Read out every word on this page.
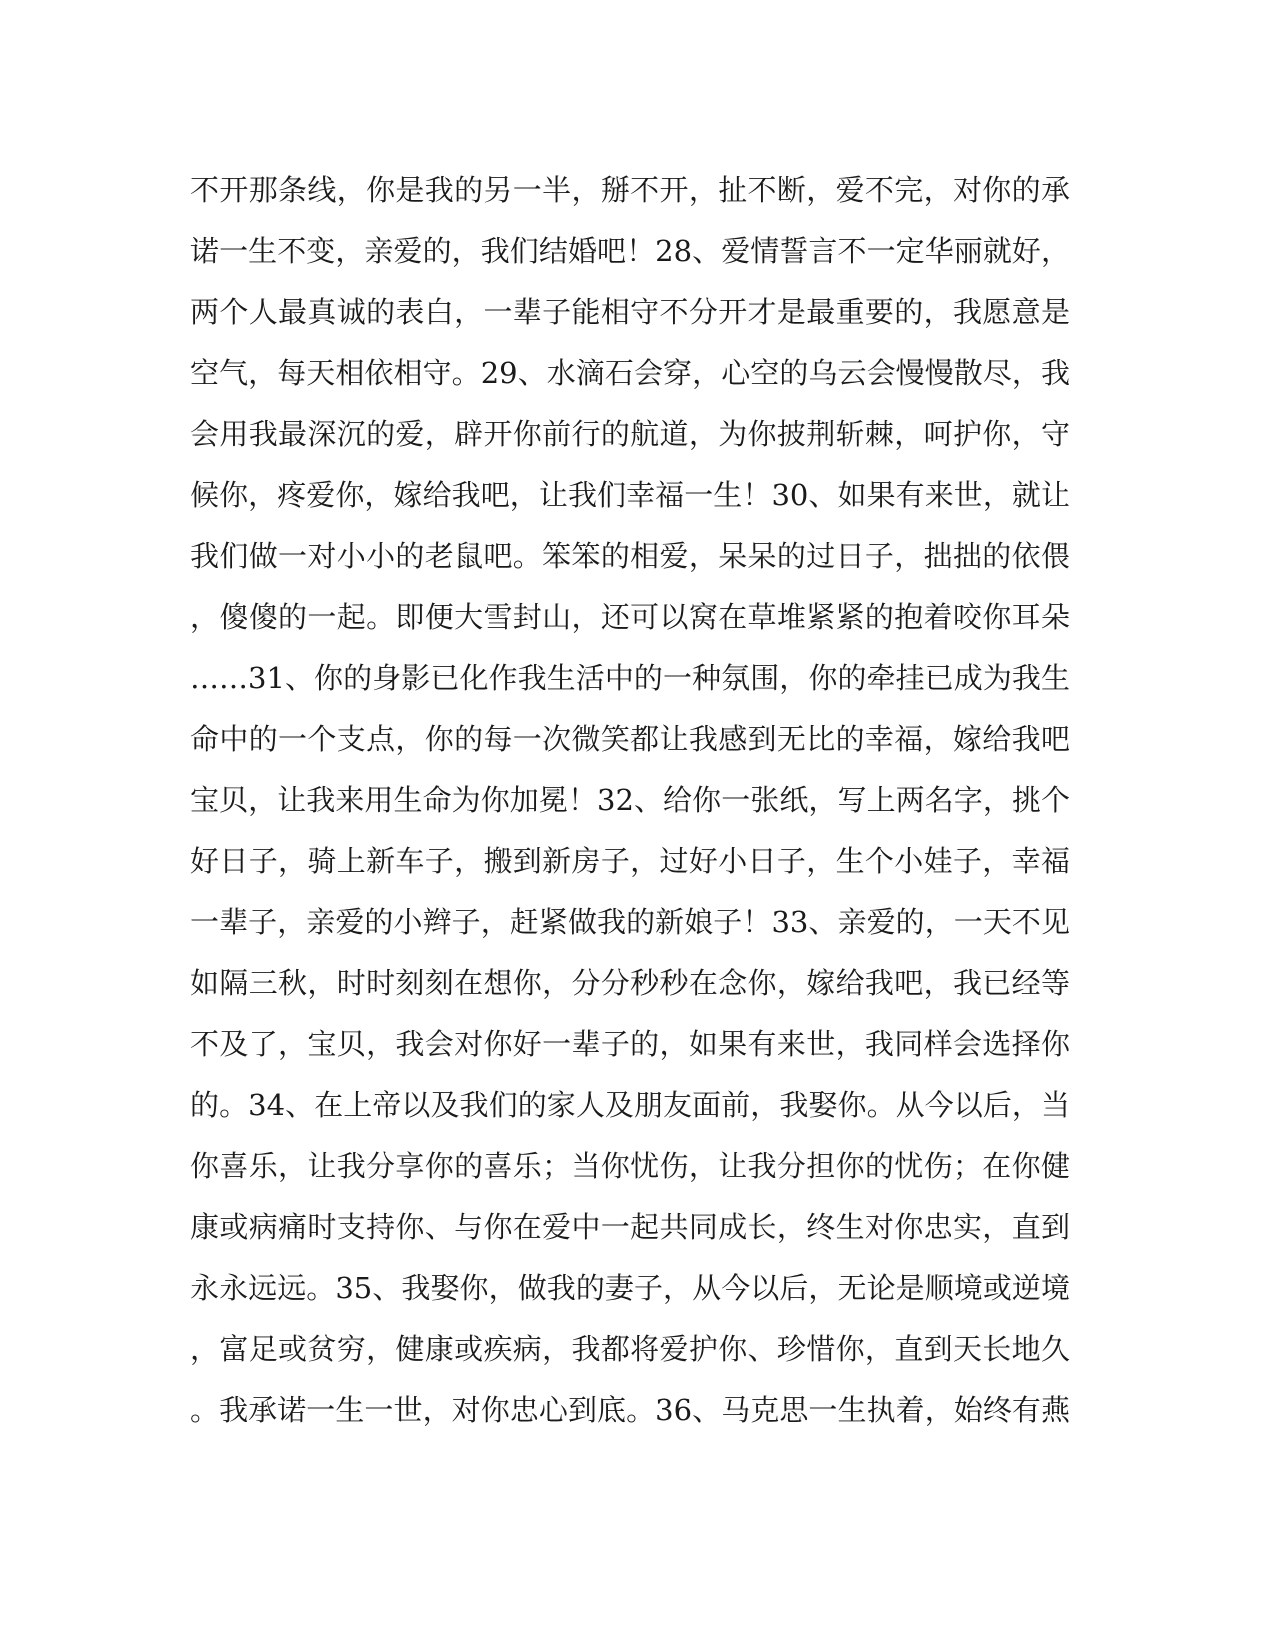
不开那条线，你是我的另一半，掰不开，扯不断，爱不完，对你的承
诺一生不变，亲爱的，我们结婚吧！28、爱情誓言不一定华丽就好，
两个人最真诚的表白，一辈子能相守不分开才是最重要的，我愿意是
空气，每天相依相守。29、水滴石会穿，心空的乌云会慢慢散尽，我
会用我最深沉的爱，辟开你前行的航道，为你披荆斩棘，呵护你，守
候你，疼爱你，嫁给我吧，让我们幸福一生！30、如果有来世，就让
我们做一对小小的老鼠吧。笨笨的相爱，呆呆的过日子，拙拙的依偎
，傻傻的一起。即便大雪封山，还可以窝在草堆紧紧的抱着咬你耳朵
……31、你的身影已化作我生活中的一种氛围，你的牵挂已成为我生
命中的一个支点，你的每一次微笑都让我感到无比的幸福，嫁给我吧
宝贝，让我来用生命为你加冕！32、给你一张纸，写上两名字，挑个
好日子，骑上新车子，搬到新房子，过好小日子，生个小娃子，幸福
一辈子，亲爱的小辫子，赶紧做我的新娘子！33、亲爱的，一天不见
如隔三秋，时时刻刻在想你，分分秒秒在念你，嫁给我吧，我已经等
不及了，宝贝，我会对你好一辈子的，如果有来世，我同样会选择你
的。34、在上帝以及我们的家人及朋友面前，我娶你。从今以后，当
你喜乐，让我分享你的喜乐；当你忧伤，让我分担你的忧伤；在你健
康或病痛时支持你、与你在爱中一起共同成长，终生对你忠实，直到
永永远远。35、我娶你，做我的妻子，从今以后，无论是顺境或逆境
，富足或贫穷，健康或疾病，我都将爱护你、珍惜你，直到天长地久
。我承诺一生一世，对你忠心到底。36、马克思一生执着，始终有燕
